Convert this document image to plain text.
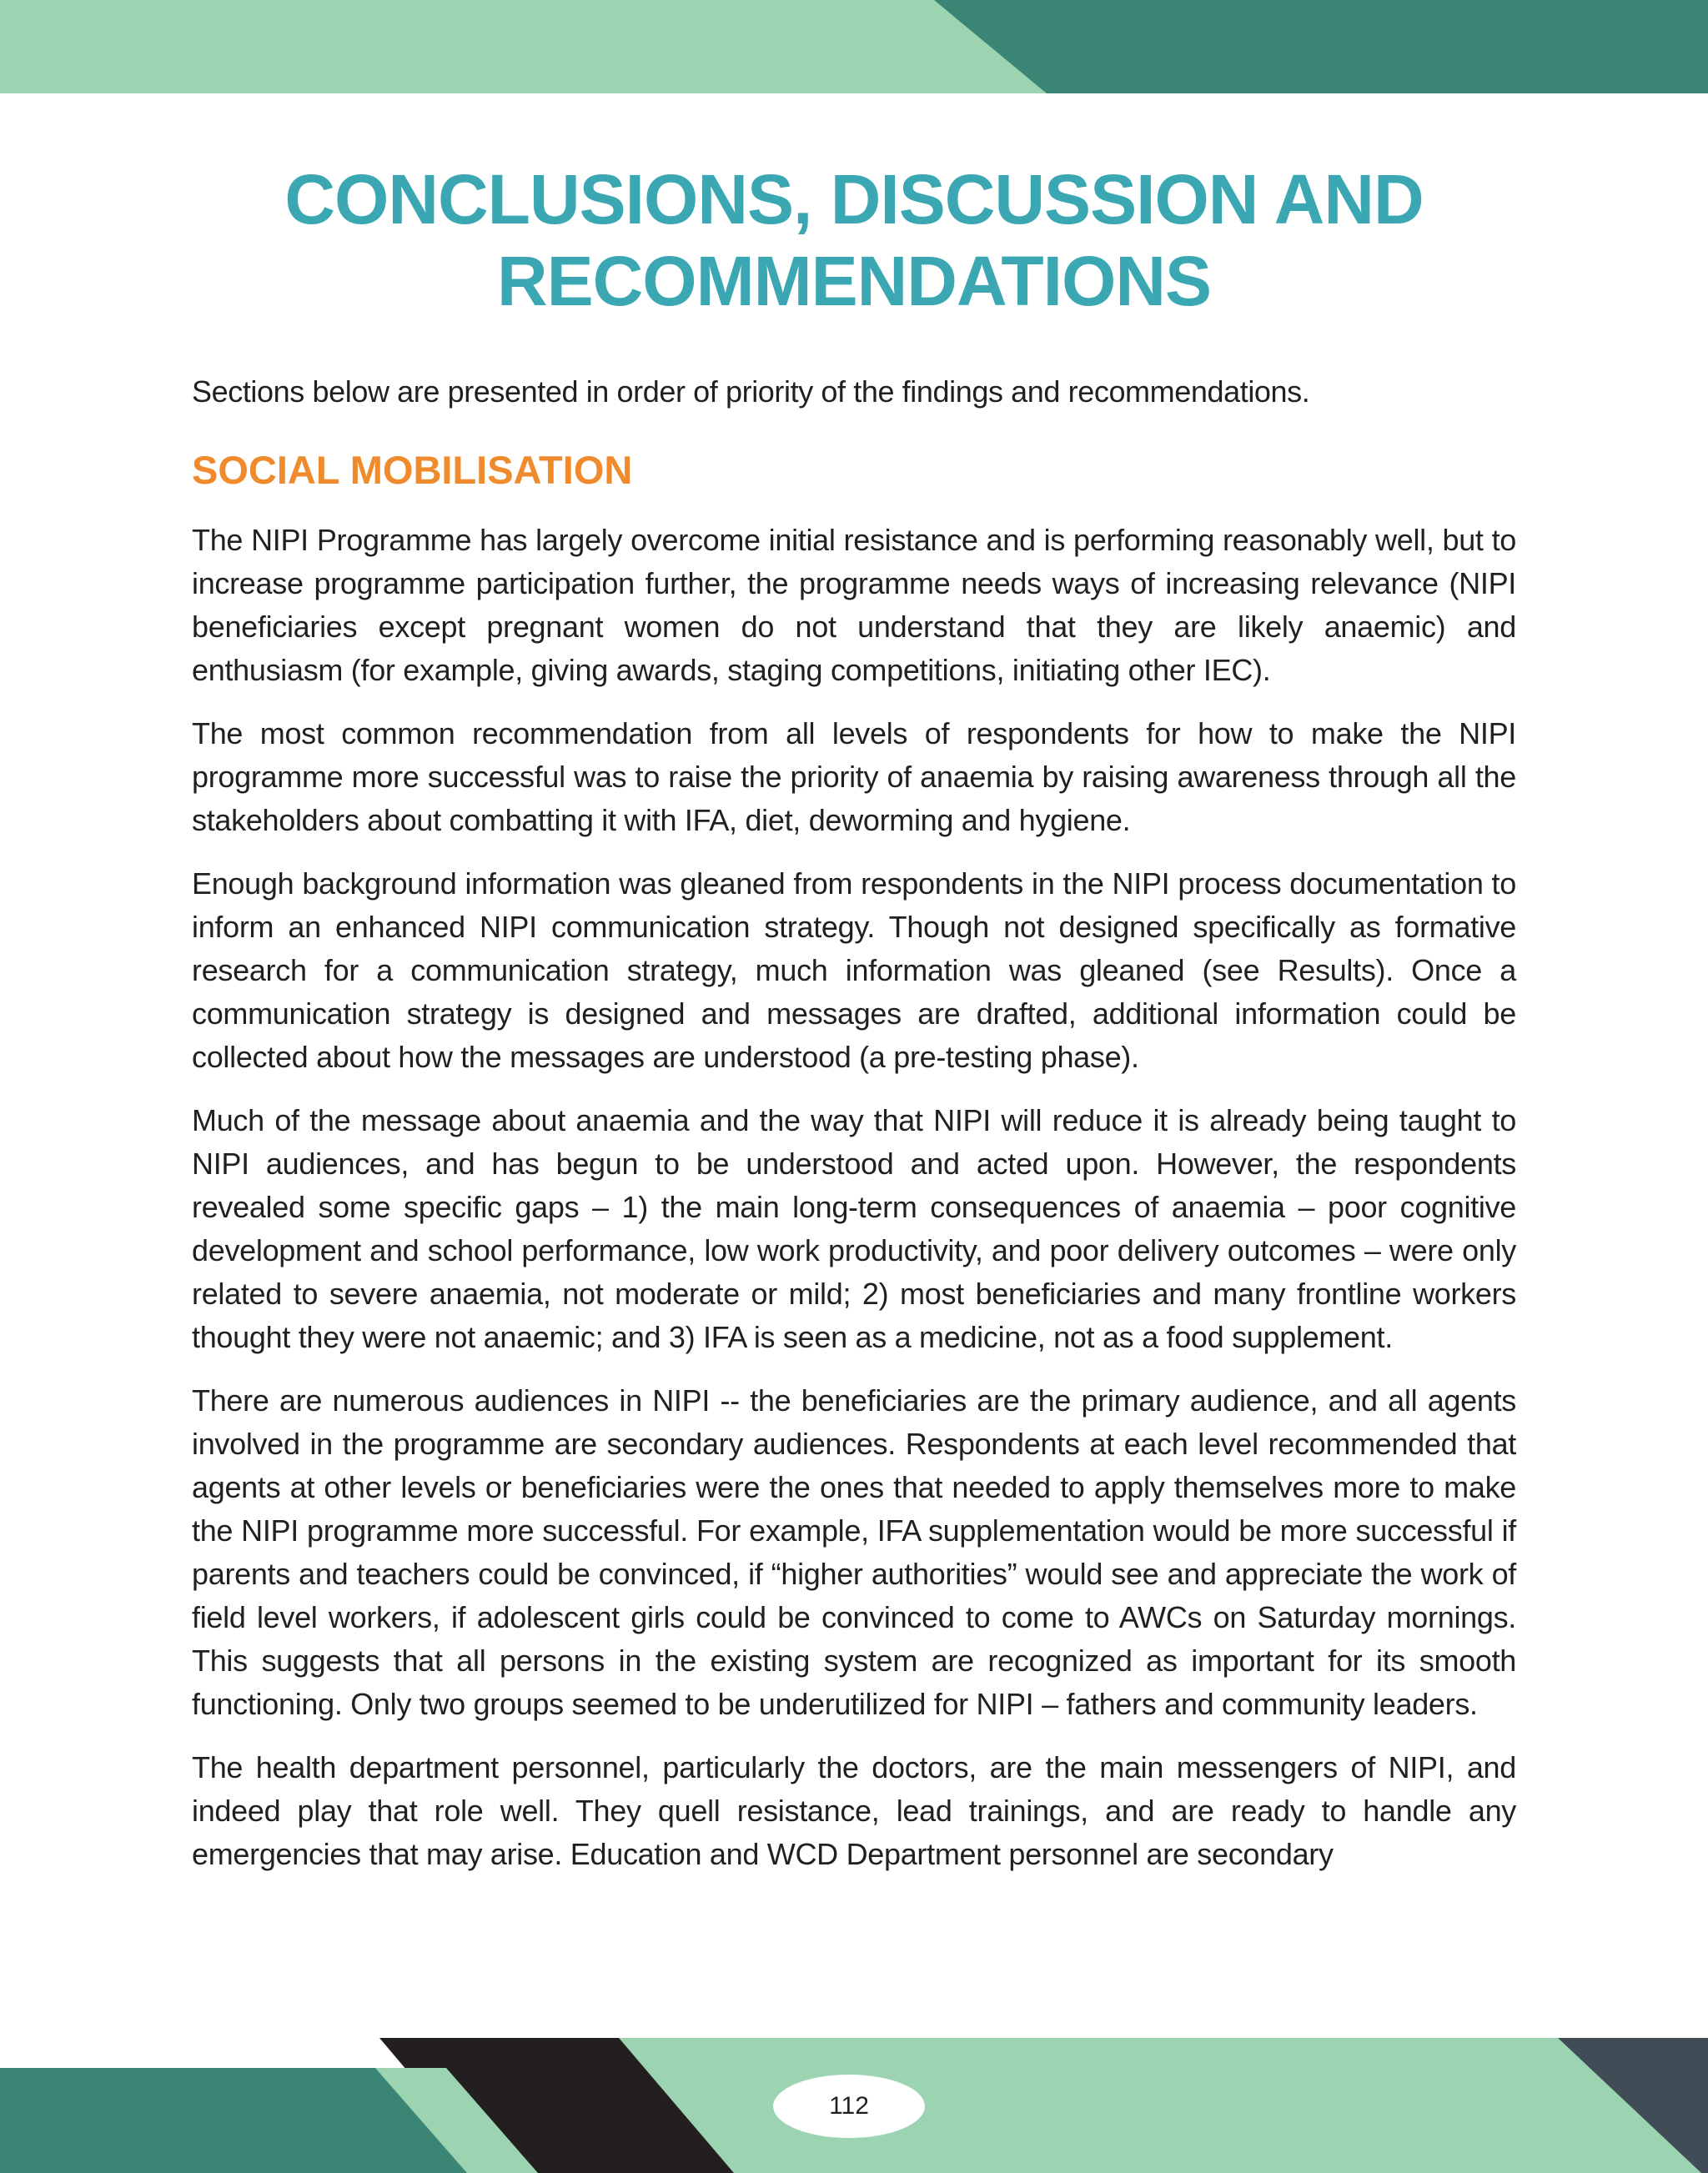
CONCLUSIONS, DISCUSSION AND RECOMMENDATIONS

Sections below are presented in order of priority of the findings and recommendations.

SOCIAL MOBILISATION

The NIPI Programme has largely overcome initial resistance and is performing reasonably well, but to increase programme participation further, the programme needs ways of increasing relevance (NIPI beneficiaries except pregnant women do not understand that they are likely anaemic) and enthusiasm (for example, giving awards, staging competitions, initiating other IEC).

The most common recommendation from all levels of respondents for how to make the NIPI programme more successful was to raise the priority of anaemia by raising awareness through all the stakeholders about combatting it with IFA, diet, deworming and hygiene.

Enough background information was gleaned from respondents in the NIPI process documentation to inform an enhanced NIPI communication strategy. Though not designed specifically as formative research for a communication strategy, much information was gleaned (see Results). Once a communication strategy is designed and messages are drafted, additional information could be collected about how the messages are understood (a pre-testing phase).

Much of the message about anaemia and the way that NIPI will reduce it is already being taught to NIPI audiences, and has begun to be understood and acted upon. However, the respondents revealed some specific gaps – 1) the main long-term consequences of anaemia – poor cognitive development and school performance, low work productivity, and poor delivery outcomes – were only related to severe anaemia, not moderate or mild; 2) most beneficiaries and many frontline workers thought they were not anaemic; and 3) IFA is seen as a medicine, not as a food supplement.

There are numerous audiences in NIPI -- the beneficiaries are the primary audience, and all agents involved in the programme are secondary audiences. Respondents at each level recommended that agents at other levels or beneficiaries were the ones that needed to apply themselves more to make the NIPI programme more successful. For example, IFA supplementation would be more successful if parents and teachers could be convinced, if “higher authorities” would see and appreciate the work of field level workers, if adolescent girls could be convinced to come to AWCs on Saturday mornings. This suggests that all persons in the existing system are recognized as important for its smooth functioning. Only two groups seemed to be underutilized for NIPI – fathers and community leaders.

The health department personnel, particularly the doctors, are the main messengers of NIPI, and indeed play that role well. They quell resistance, lead trainings, and are ready to handle any emergencies that may arise. Education and WCD Department personnel are secondary

112
